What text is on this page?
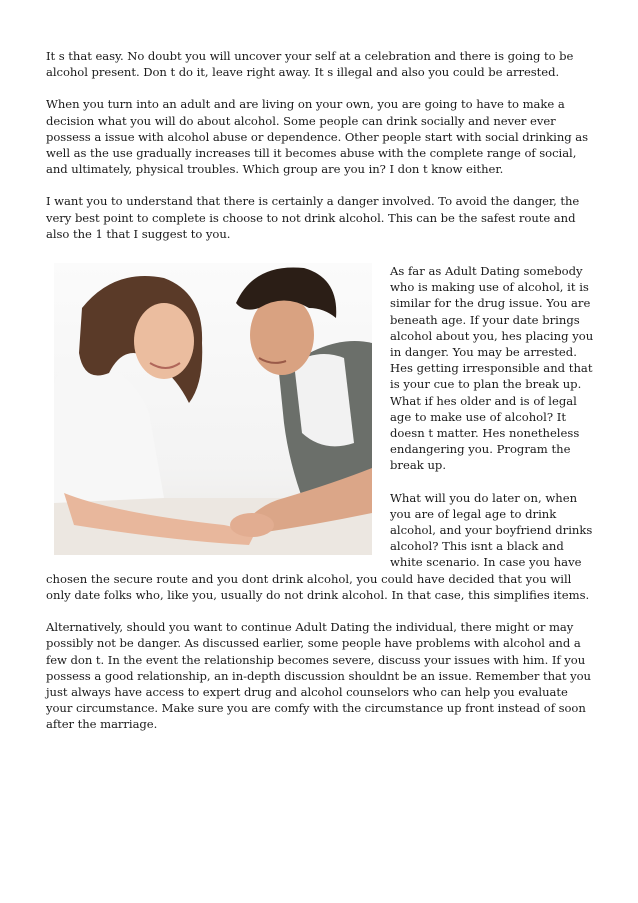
It s that easy. No doubt you will uncover your self at a celebration and there is going to be alcohol present. Don t do it, leave right away. It s illegal and also you could be arrested.

When you turn into an adult and are living on your own, you are going to have to make a decision what you will do about alcohol. Some people can drink socially and never ever possess a issue with alcohol abuse or dependence. Other people start with social drinking as well as the use gradually increases till it becomes abuse with the complete range of social, and ultimately, physical troubles. Which group are you in? I don t know either.

I want you to understand that there is certainly a danger involved. To avoid the danger, the very best point to complete is choose to not drink alcohol. This can be the safest route and also the 1 that I suggest to you.

As far as Adult Dating somebody who is making use of alcohol, it is similar for the drug issue. You are beneath age. If your date brings alcohol about you, hes placing you in danger. You may be arrested. Hes getting irresponsible and that is your cue to plan the break up. What if hes older and is of legal age to make use of alcohol? It doesn t matter. Hes nonetheless endangering you. Program the break up.

What will you do later on, when you are of legal age to drink alcohol, and your boyfriend drinks alcohol? This isnt a black and white scenario. In case you have chosen the secure route and you dont drink alcohol, you could have decided that you will only date folks who, like you, usually do not drink alcohol. In that case, this simplifies items.

Alternatively, should you want to continue Adult Dating the individual, there might or may possibly not be danger. As discussed earlier, some people have problems with alcohol and a few don t. In the event the relationship becomes severe, discuss your issues with him. If you possess a good relationship, an in-depth discussion shouldnt be an issue. Remember that you just always have access to expert drug and alcohol counselors who can help you evaluate your circumstance. Make sure you are comfy with the circumstance up front instead of soon after the marriage.
